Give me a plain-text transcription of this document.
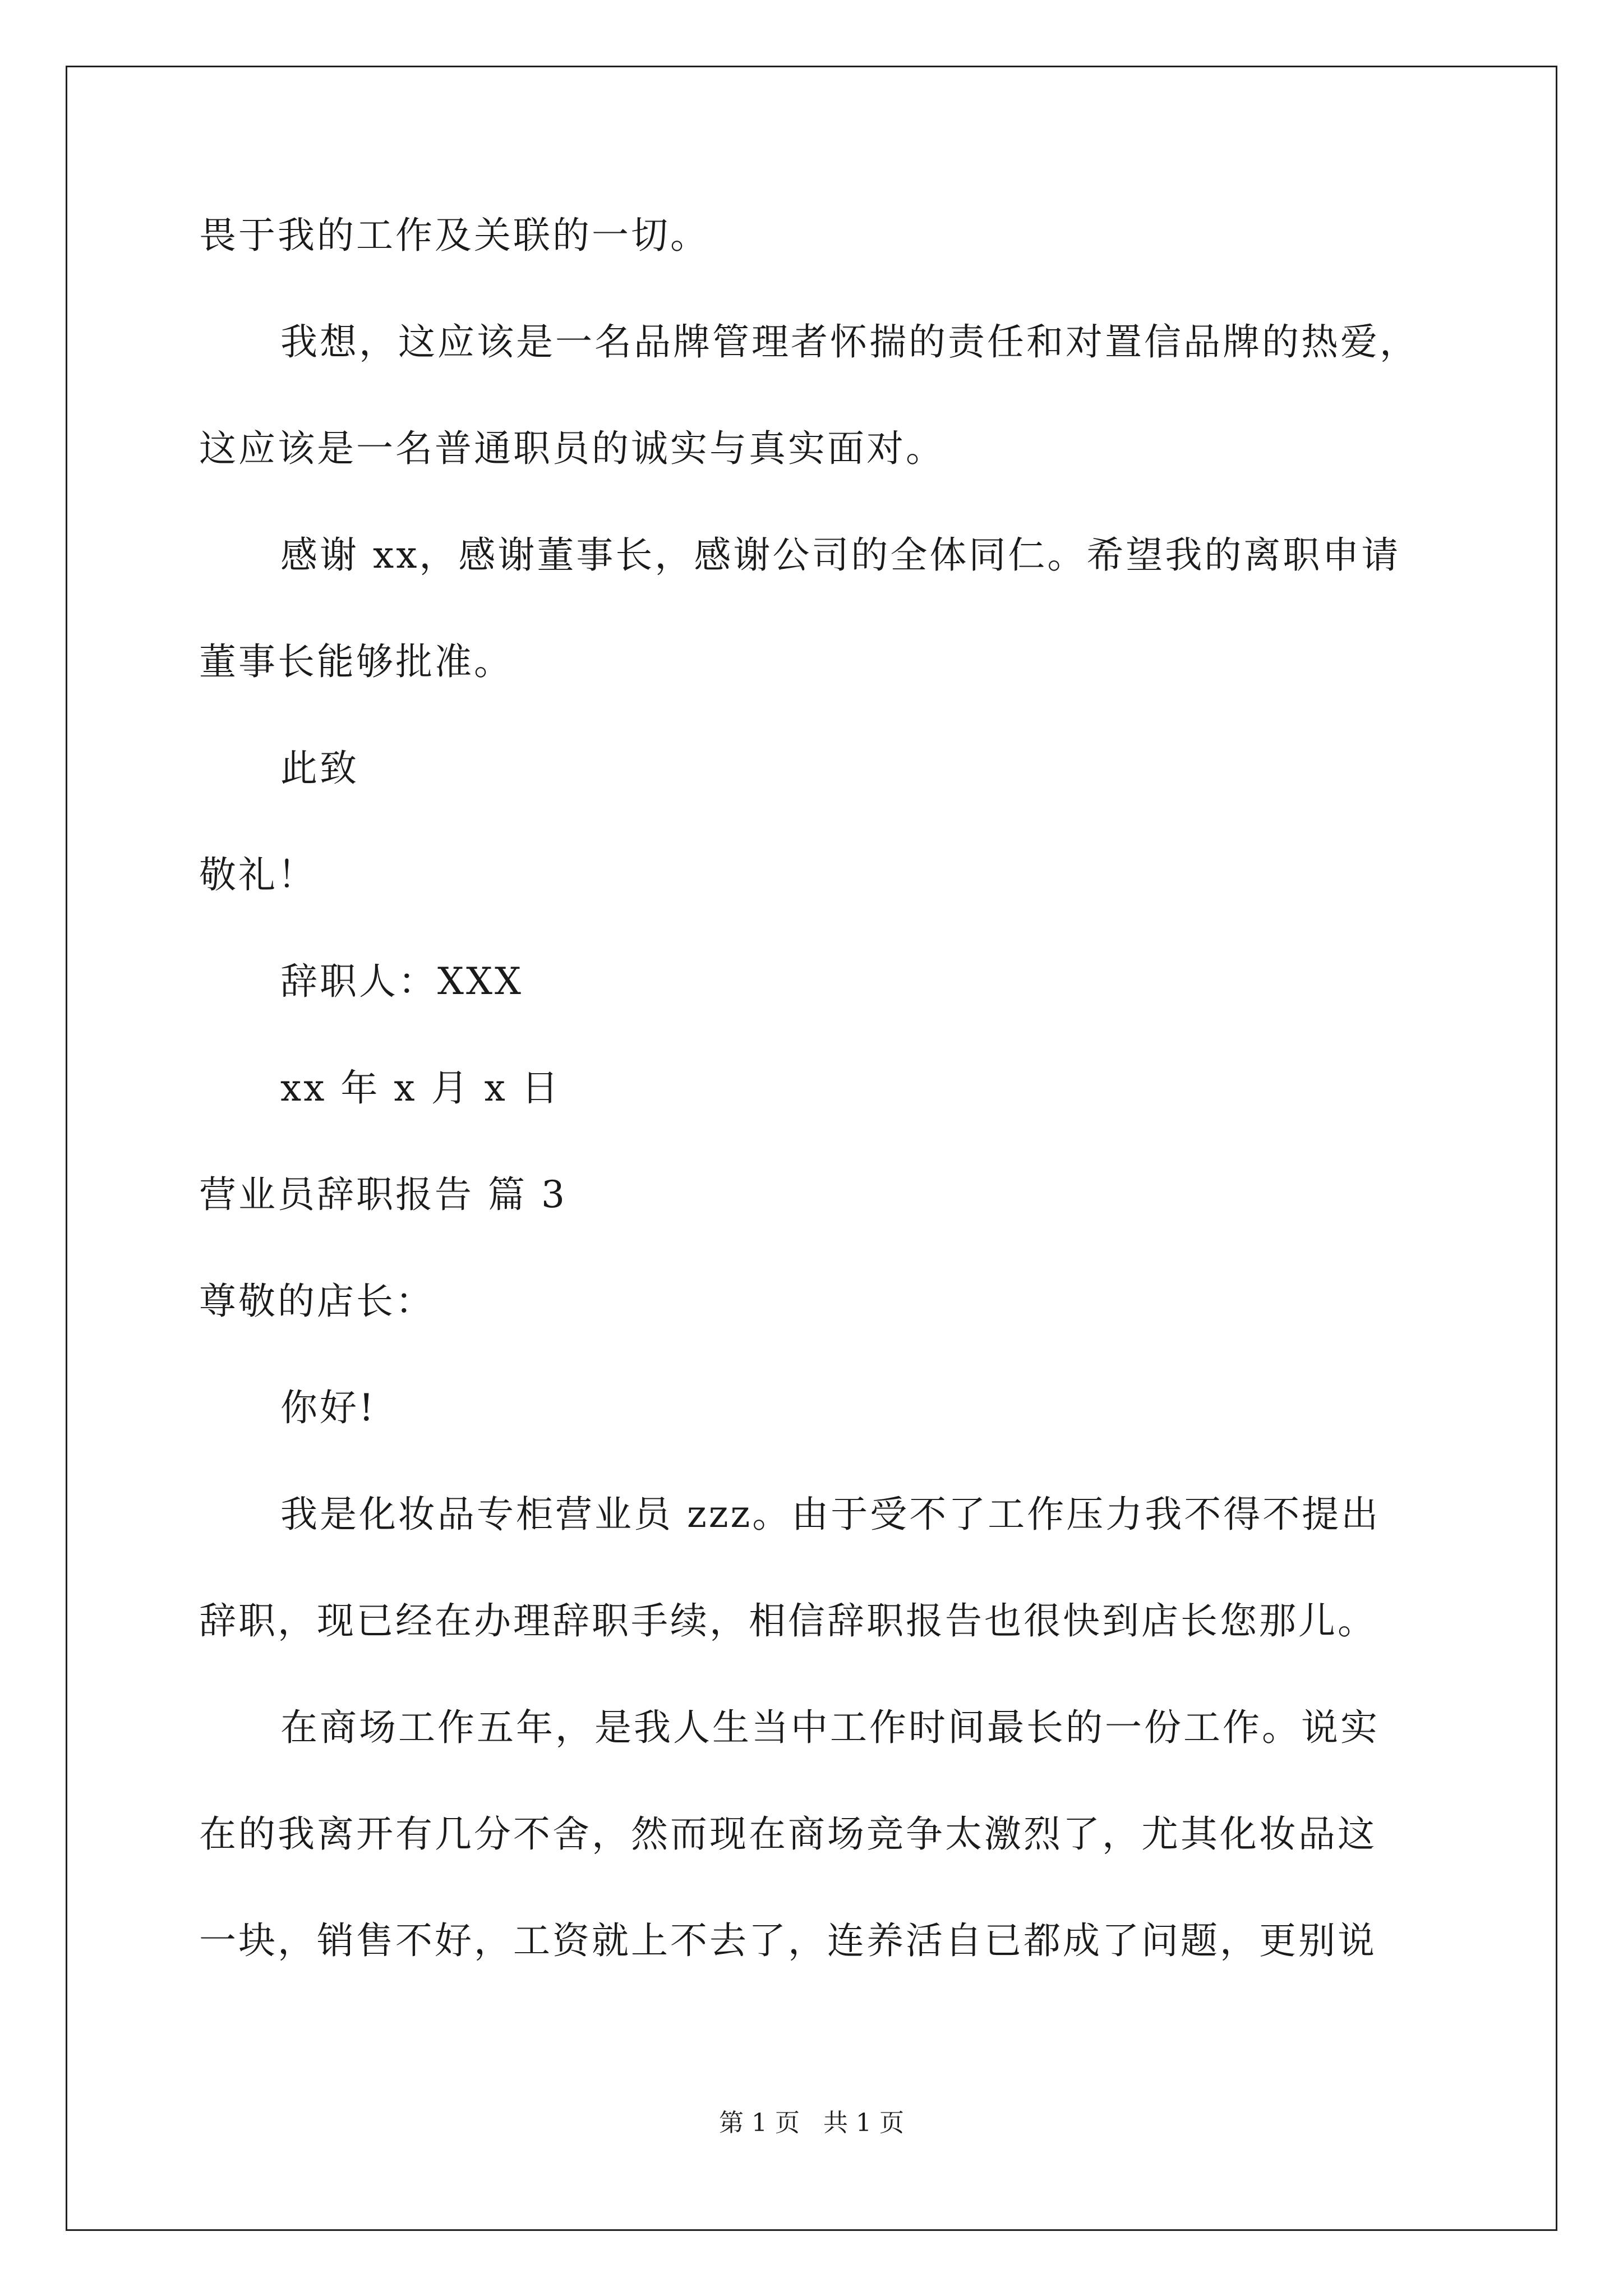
畏于我的工作及关联的一切。
我想，这应该是一名品牌管理者怀揣的责任和对置信品牌的热爱，
这应该是一名普通职员的诚实与真实面对。
感谢 xx，感谢董事长，感谢公司的全体同仁。希望我的离职申请
董事长能够批准。
此致
敬礼！
辞职人：XXX
xx 年 x 月 x 日
营业员辞职报告 篇 3
尊敬的店长：
你好!
我是化妆品专柜营业员 zzz。由于受不了工作压力我不得不提出
辞职，现已经在办理辞职手续，相信辞职报告也很快到店长您那儿。
在商场工作五年，是我人生当中工作时间最长的一份工作。说实
在的我离开有几分不舍，然而现在商场竞争太激烈了，尤其化妆品这
一块，销售不好，工资就上不去了，连养活自已都成了问题，更别说
第 1 页   共 1 页
